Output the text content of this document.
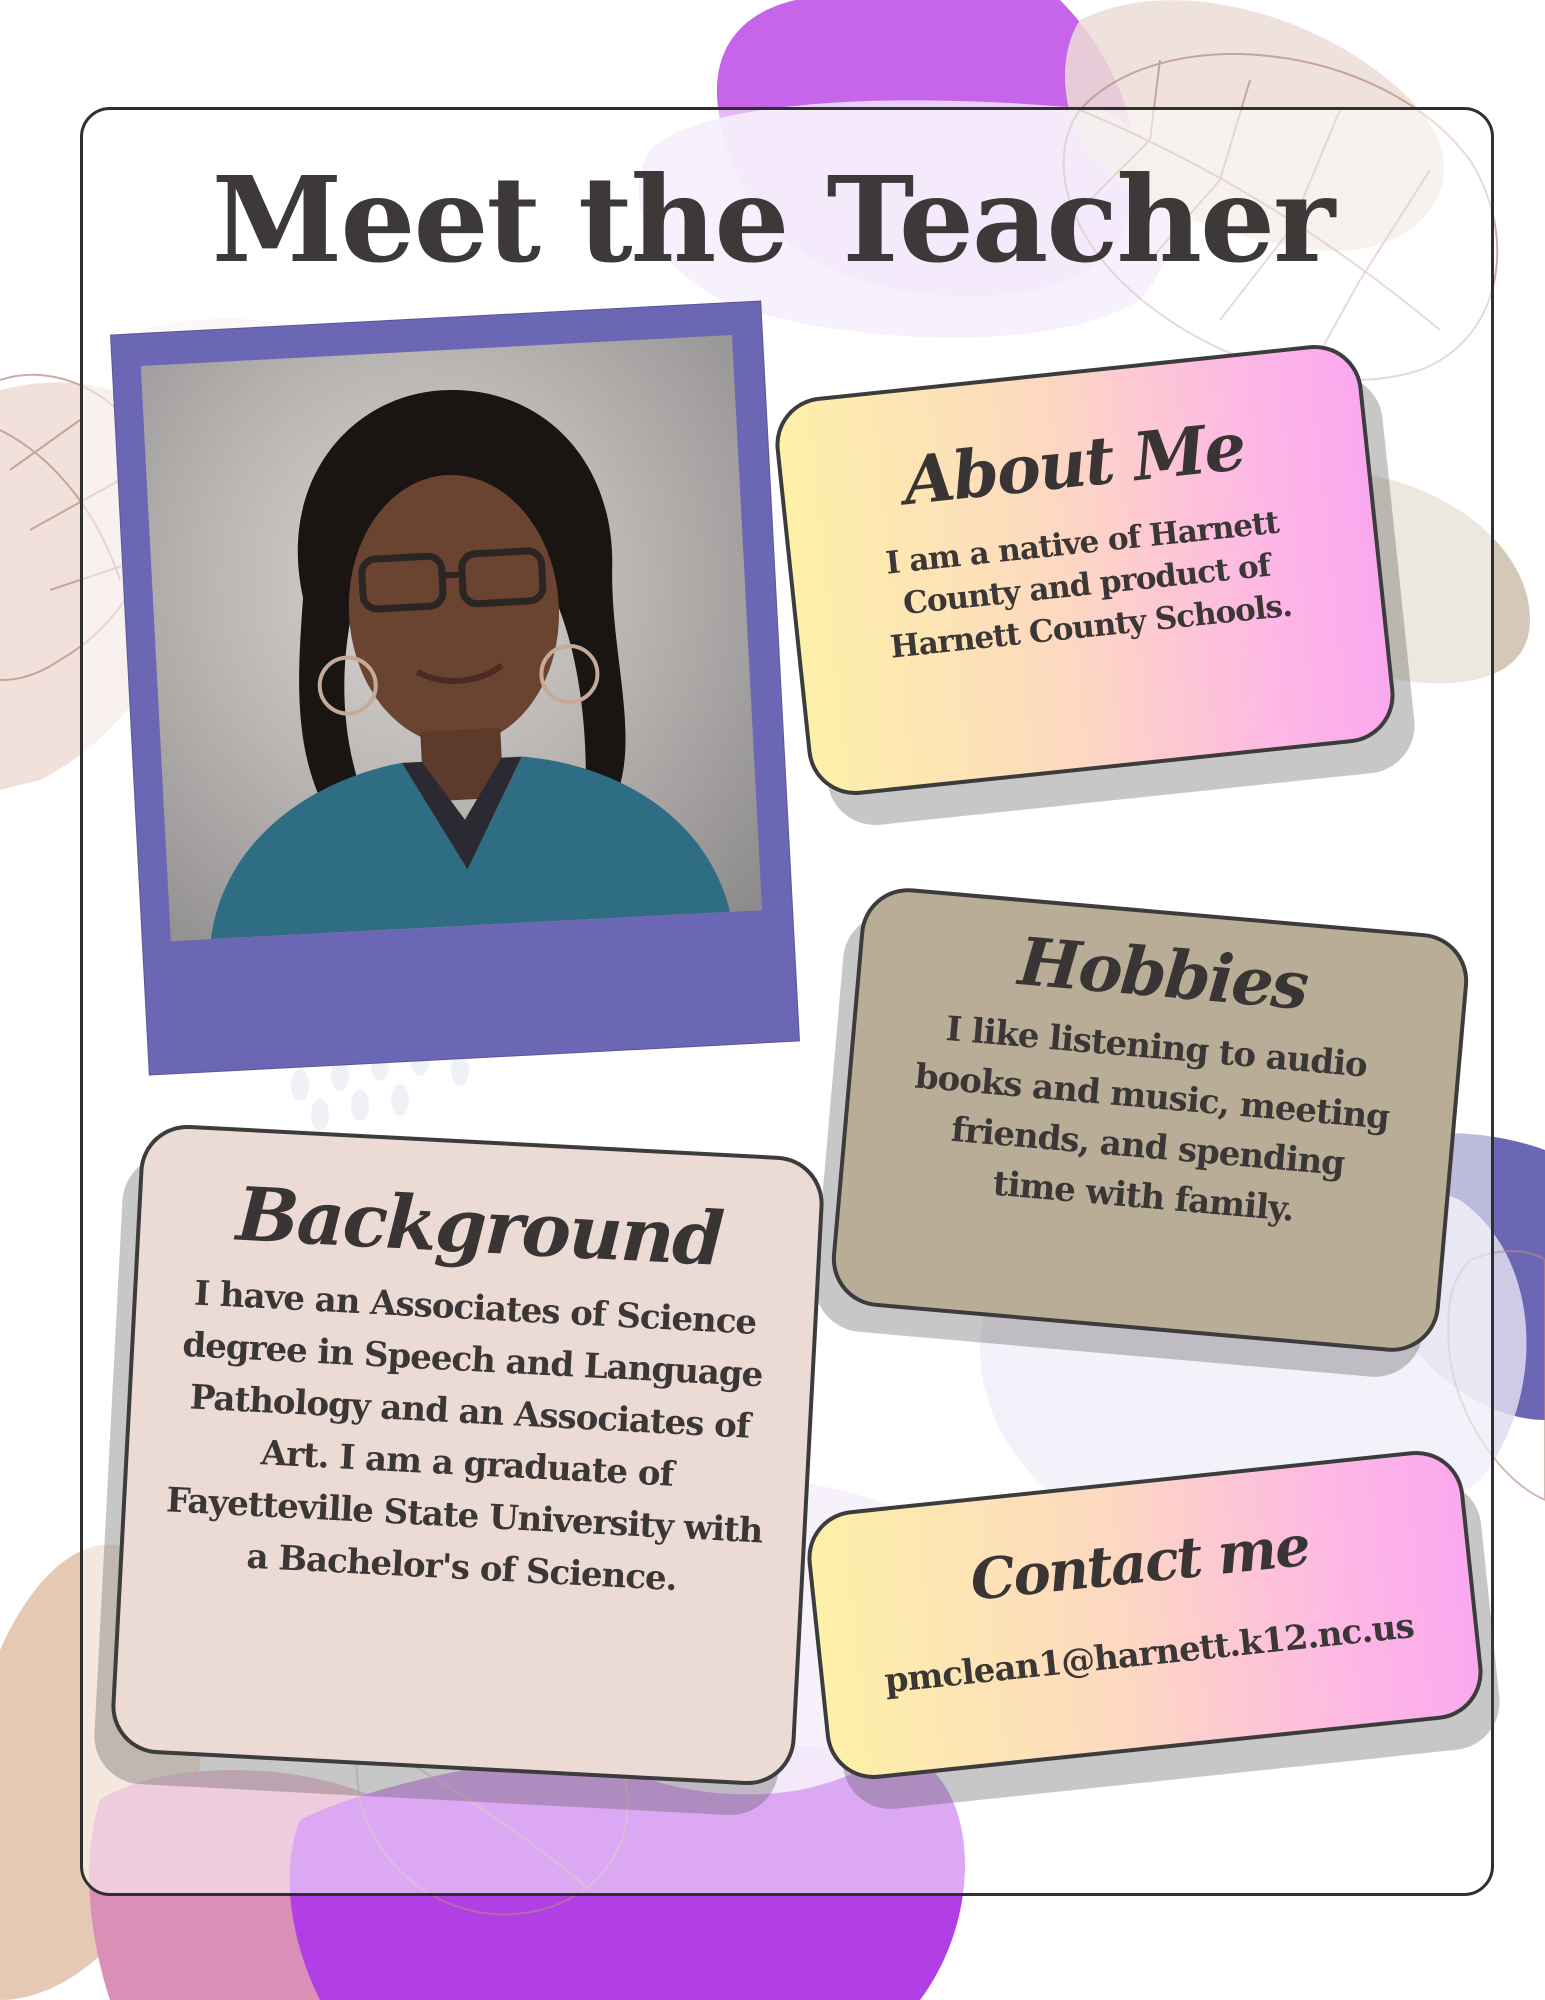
Meet the Teacher
About Me

I am a native of Harnett County and product of Harnett County Schools.

Hobbies

I like listening to audio books and music, meeting friends, and spending time with family.

Background

I have an Associates of Science degree in Speech and Language Pathology and an Associates of Art. I am a graduate of Fayetteville State University with a Bachelor's of Science.	Contact me

pmclean1@harnett.k12.nc.us
